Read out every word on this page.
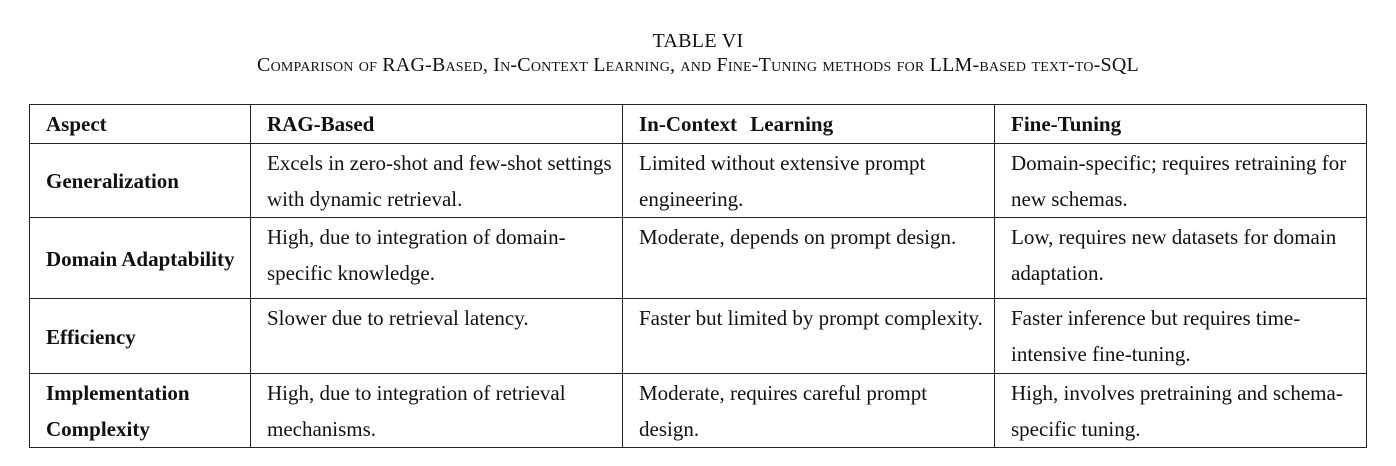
TABLE VI
Comparison of RAG-Based, In-Context Learning, and Fine-Tuning methods for LLM-based text-to-SQL
Aspect	RAG-Based	In-Context Learning	Fine-Tuning
Generalization	Excels in zero-shot and few-shot settings with dynamic retrieval.	Limited without extensive prompt engineering.	Domain-specific; requires retraining for new schemas.
Domain Adaptability	High, due to integration of domain-specific knowledge.	Moderate, depends on prompt design.	Low, requires new datasets for domain adaptation.
Efficiency	Slower due to retrieval latency.	Faster but limited by prompt complexity.	Faster inference but requires time-intensive fine-tuning.
Implementation Complexity	High, due to integration of retrieval mechanisms.	Moderate, requires careful prompt design.	High, involves pretraining and schema-specific tuning.
